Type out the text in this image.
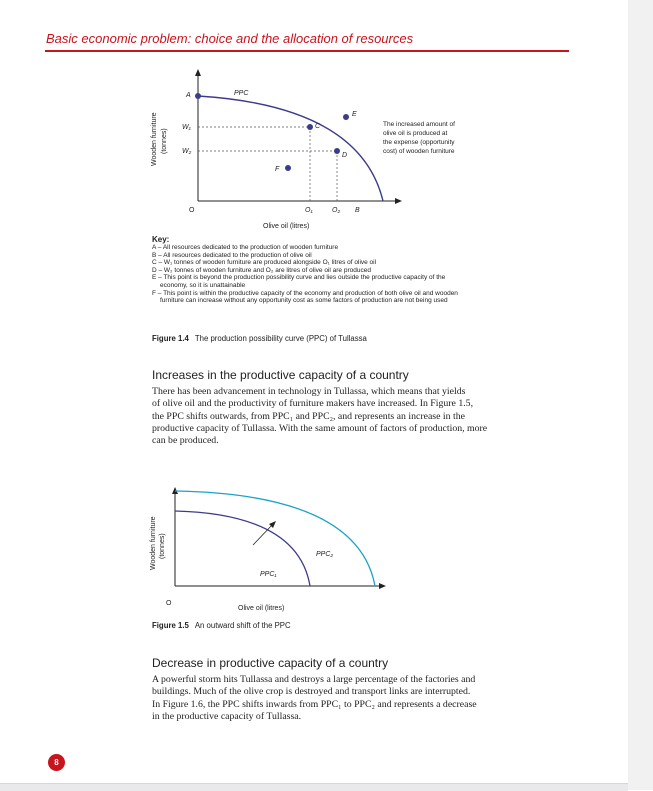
Basic economic problem: choice and the allocation of resources
Wooden furniture (tonnes)
Olive oil (litres)
O
PPC
W₁
W₂
O₁	O₂ B
A
C
D
E
F
The increased amount of
olive oil is produced at
the expense (opportunity
cost) of wooden furniture
Key:
A – All resources dedicated to the production of wooden furniture
B – All resources dedicated to the production of olive oil
C – W₁ tonnes of wooden furniture are produced alongside O₁ litres of olive oil
D – W₂ tonnes of wooden furniture and O₂ are litres of olive oil are produced
E – This point is beyond the production possibility curve and lies outside the productive capacity of the
economy, so it is unattainable
F – This point is within the productive capacity of the economy and production of both olive oil and wooden
furniture can increase without any opportunity cost as some factors of production are not being used
Figure 1.4 The production possibility curve (PPC) of Tullassa
Increases in the productive capacity of a country
There has been advancement in technology in Tullassa, which means that yields
of olive oil and the productivity of furniture makers have increased. In Figure 1.5,
the PPC shifts outwards, from PPC₁ and PPC₂, and represents an increase in the
productive capacity of Tullassa. With the same amount of factors of production, more
can be produced.
Wooden furniture (tonnes)
O
Olive oil (litres)
PPC₁
PPC₂
Figure 1.5 An outward shift of the PPC
Decrease in productive capacity of a country
A powerful storm hits Tullassa and destroys a large percentage of the factories and
buildings. Much of the olive crop is destroyed and transport links are interrupted.
In Figure 1.6, the PPC shifts inwards from PPC₁ to PPC₂ and represents a decrease
in the productive capacity of Tullassa.
8
